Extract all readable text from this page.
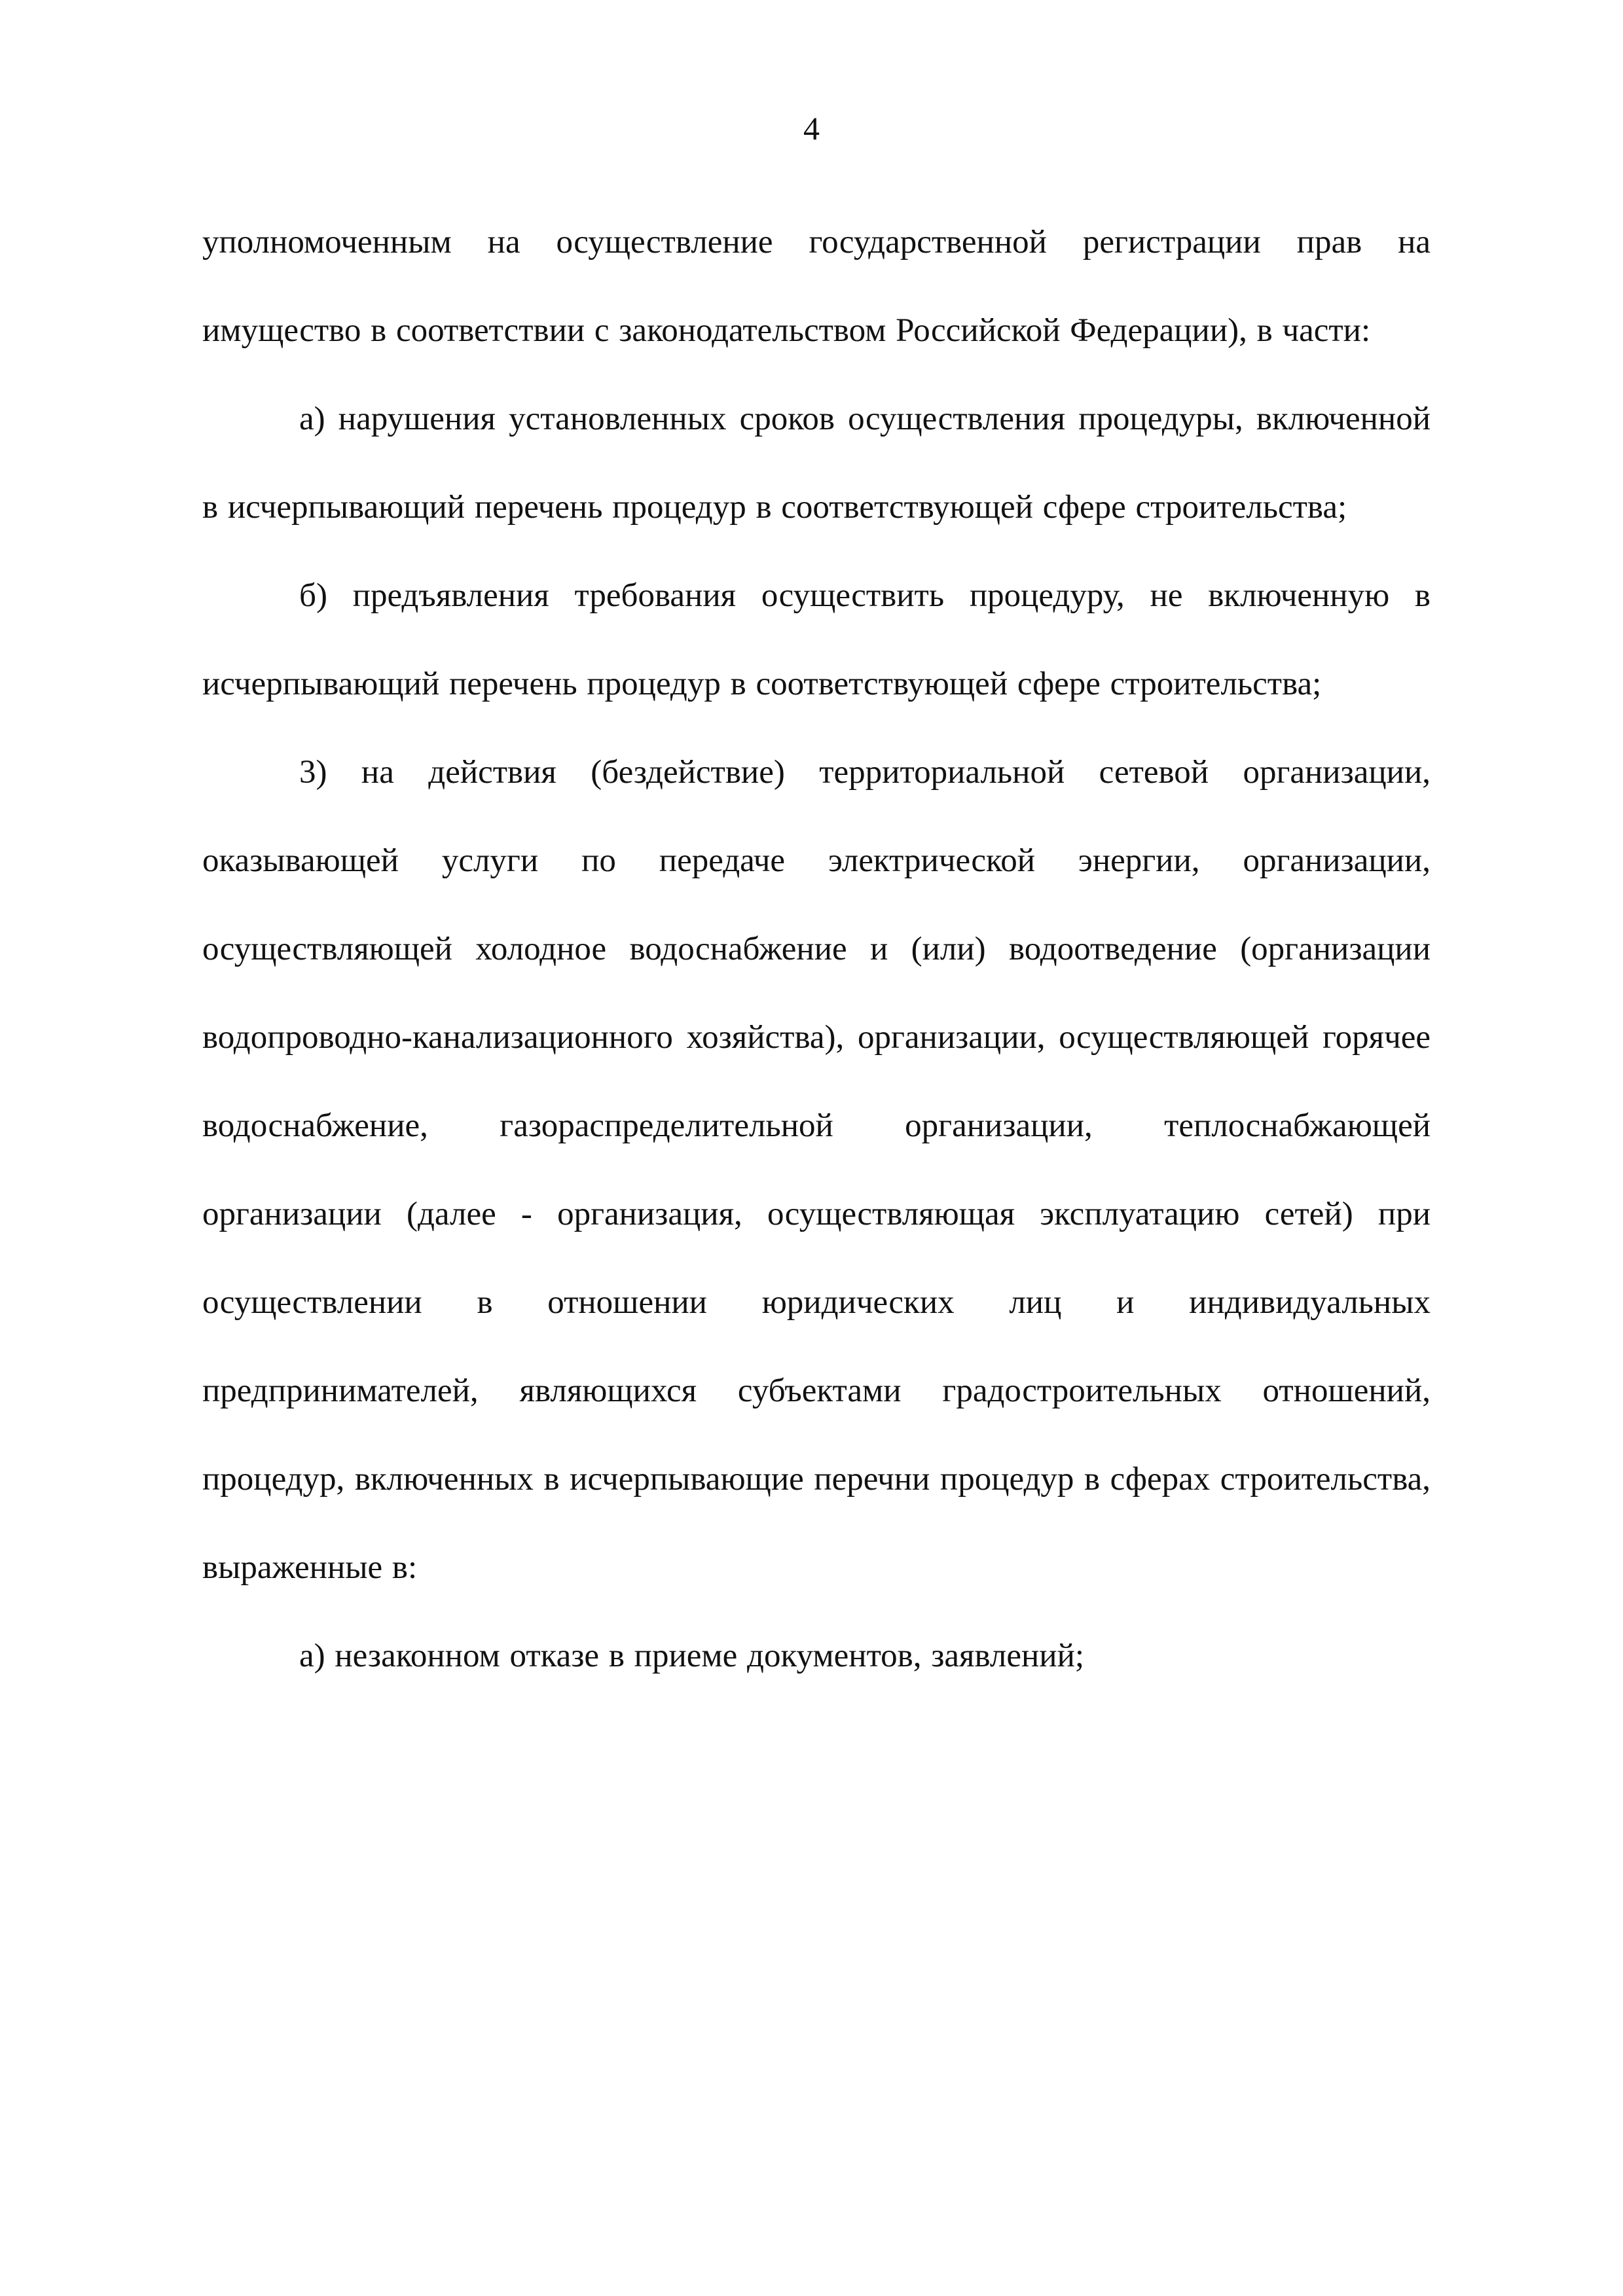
4

уполномоченным на осуществление государственной регистрации прав на имущество в соответствии с законодательством Российской Федерации), в части:

а) нарушения установленных сроков осуществления процедуры, включенной в исчерпывающий перечень процедур в соответствующей сфере строительства;

б) предъявления требования осуществить процедуру, не включенную в исчерпывающий перечень процедур в соответствующей сфере строительства;

3) на действия (бездействие) территориальной сетевой организации, оказывающей услуги по передаче электрической энергии, организации, осуществляющей холодное водоснабжение и (или) водоотведение (организации водопроводно-канализационного хозяйства), организации, осуществляющей горячее водоснабжение, газораспределительной организации, теплоснабжающей организации (далее - организация, осуществляющая эксплуатацию сетей) при осуществлении в отношении юридических лиц и индивидуальных предпринимателей, являющихся субъектами градостроительных отношений, процедур, включенных в исчерпывающие перечни процедур в сферах строительства, выраженные в:

а) незаконном отказе в приеме документов, заявлений;
